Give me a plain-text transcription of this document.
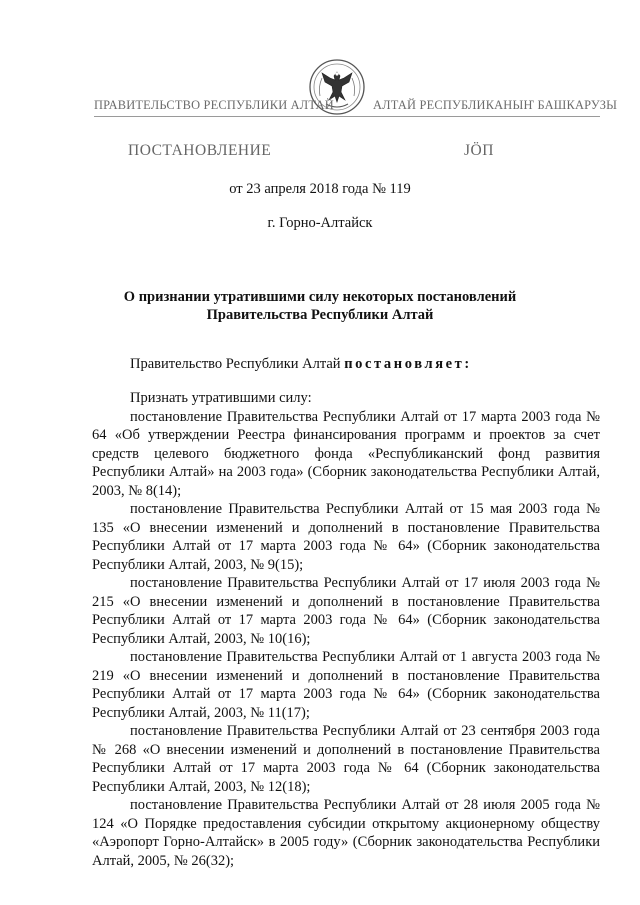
ПРАВИТЕЛЬСТВО РЕСПУБЛИКИ АЛТАЙ	АЛТАЙ РЕСПУБЛИКАНЫҤ БАШКАРУЗЫ
ПОСТАНОВЛЕНИЕ	JÖП
от 23 апреля 2018 года № 119
г. Горно-Алтайск
О признании утратившими силу некоторых постановлений
Правительства Республики Алтай
Правительство Республики Алтай постановляет:

Признать утратившими силу:

постановление Правительства Республики Алтай от 17 марта 2003 года № 64 «Об утверждении Реестра финансирования программ и проектов за счет средств целевого бюджетного фонда «Республиканский фонд развития Республики Алтай» на 2003 года» (Сборник законодательства Республики Алтай, 2003, № 8(14);

постановление Правительства Республики Алтай от 15 мая 2003 года № 135 «О внесении изменений и дополнений в постановление Правительства Республики Алтай от 17 марта 2003 года № 64» (Сборник законодательства Республики Алтай, 2003, № 9(15);

постановление Правительства Республики Алтай от 17 июля 2003 года № 215 «О внесении изменений и дополнений в постановление Правительства Республики Алтай от 17 марта 2003 года № 64» (Сборник законодательства Республики Алтай, 2003, № 10(16);

постановление Правительства Республики Алтай от 1 августа 2003 года № 219 «О внесении изменений и дополнений в постановление Правительства Республики Алтай от 17 марта 2003 года № 64» (Сборник законодательства Республики Алтай, 2003, № 11(17);

постановление Правительства Республики Алтай от 23 сентября 2003 года № 268 «О внесении изменений и дополнений в постановление Правительства Республики Алтай от 17 марта 2003 года № 64 (Сборник законодательства Республики Алтай, 2003, № 12(18);

постановление Правительства Республики Алтай от 28 июля 2005 года № 124 «О Порядке предоставления субсидии открытому акционерному обществу «Аэропорт Горно-Алтайск» в 2005 году» (Сборник законодательства Республики Алтай, 2005, № 26(32);
